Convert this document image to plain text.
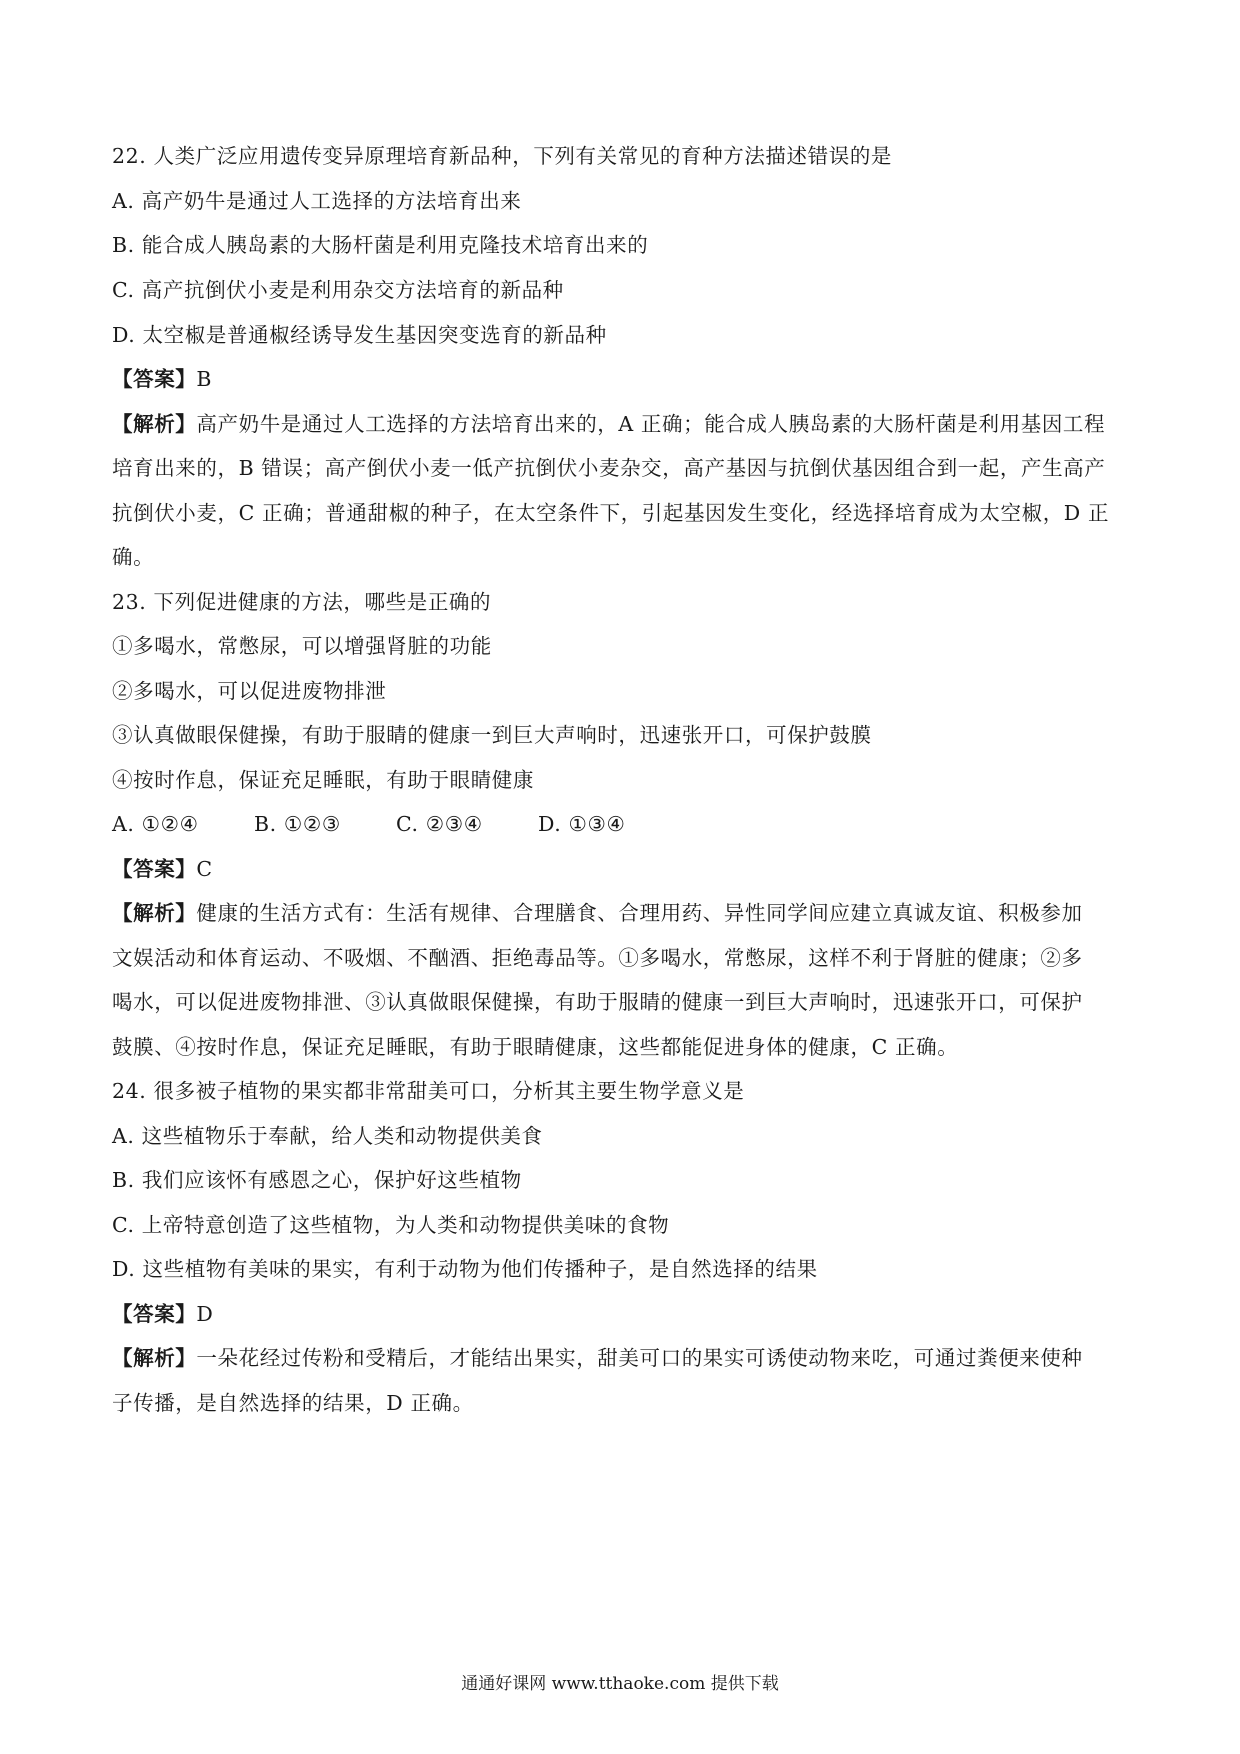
22. 人类广泛应用遗传变异原理培育新品种，下列有关常见的育种方法描述错误的是
A. 高产奶牛是通过人工选择的方法培育出来
B. 能合成人胰岛素的大肠杆菌是利用克隆技术培育出来的
C. 高产抗倒伏小麦是利用杂交方法培育的新品种
D. 太空椒是普通椒经诱导发生基因突变选育的新品种
【答案】B
【解析】高产奶牛是通过人工选择的方法培育出来的，A 正确；能合成人胰岛素的大肠杆菌是利用基因工程
培育出来的，B 错误；高产倒伏小麦一低产抗倒伏小麦杂交，高产基因与抗倒伏基因组合到一起，产生高产
抗倒伏小麦，C 正确；普通甜椒的种子，在太空条件下，引起基因发生变化，经选择培育成为太空椒，D 正
确。
23. 下列促进健康的方法，哪些是正确的
①多喝水，常憋尿，可以增强肾脏的功能
②多喝水，可以促进废物排泄
③认真做眼保健操，有助于服睛的健康一到巨大声响时，迅速张开口，可保护鼓膜
④按时作息，保证充足睡眠，有助于眼睛健康
A. ①②④	B. ①②③	C. ②③④	D. ①③④
【答案】C
【解析】健康的生活方式有：生活有规律、合理膳食、合理用药、异性同学间应建立真诚友谊、积极参加
文娱活动和体育运动、不吸烟、不酗酒、拒绝毒品等。①多喝水，常憋尿，这样不利于肾脏的健康；②多
喝水，可以促进废物排泄、③认真做眼保健操，有助于服睛的健康一到巨大声响时，迅速张开口，可保护
鼓膜、④按时作息，保证充足睡眠，有助于眼睛健康，这些都能促进身体的健康，C 正确。
24. 很多被子植物的果实都非常甜美可口，分析其主要生物学意义是
A. 这些植物乐于奉献，给人类和动物提供美食
B. 我们应该怀有感恩之心，保护好这些植物
C. 上帝特意创造了这些植物，为人类和动物提供美味的食物
D. 这些植物有美味的果实，有利于动物为他们传播种子，是自然选择的结果
【答案】D
【解析】一朵花经过传粉和受精后，才能结出果实，甜美可口的果实可诱使动物来吃，可通过粪便来使种
子传播，是自然选择的结果，D 正确。
通通好课网 www.tthaoke.com 提供下载
